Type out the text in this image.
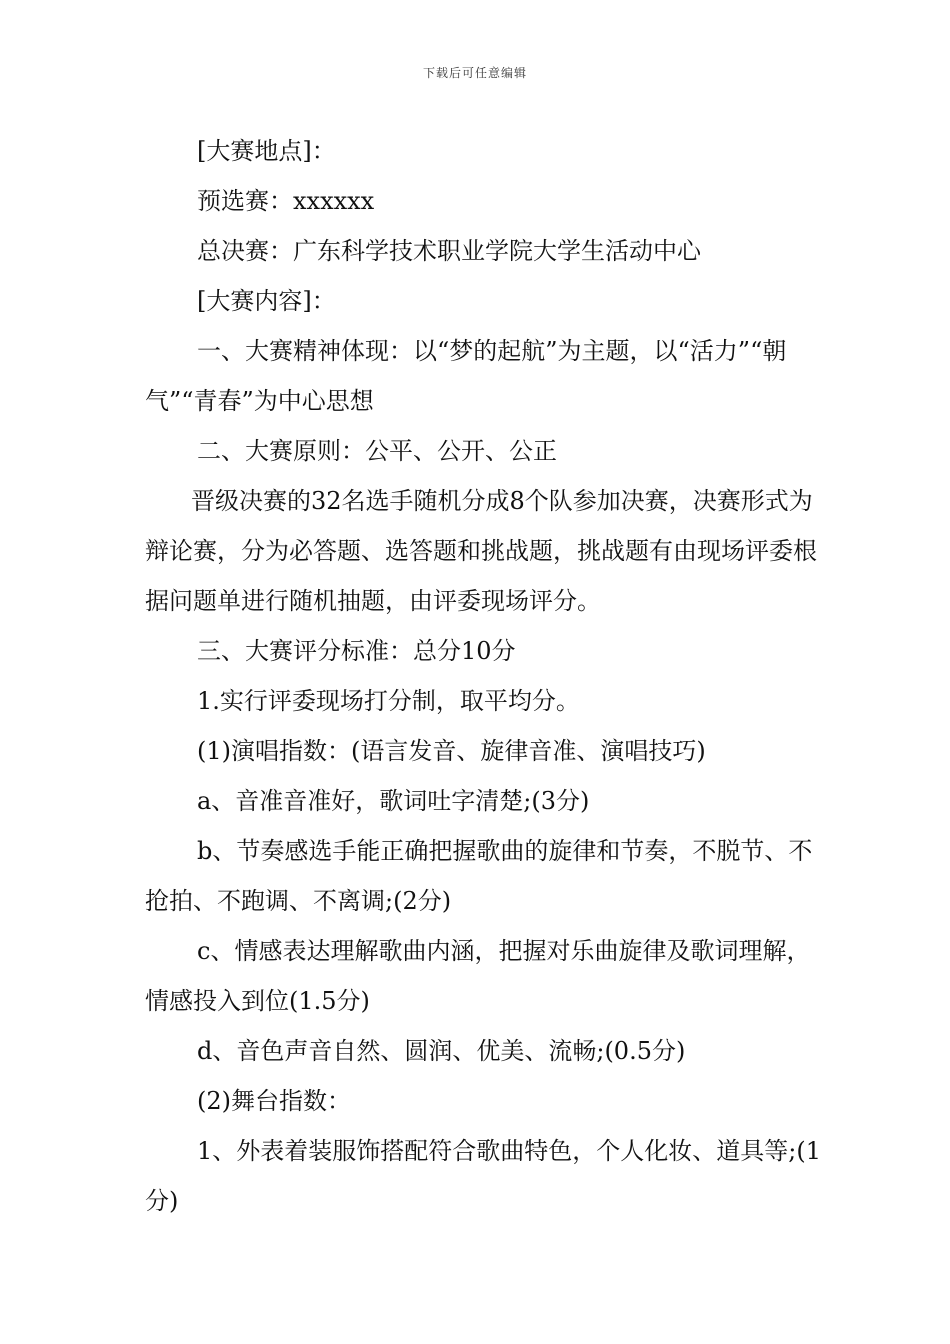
下载后可任意编辑

[大赛地点]：

预选赛：xxxxxx

总决赛：广东科学技术职业学院大学生活动中心

[大赛内容]：

一、大赛精神体现：以“梦的起航”为主题，以“活力”“朝气”“青春”为中心思想

二、大赛原则：公平、公开、公正

晋级决赛的32名选手随机分成8个队参加决赛，决赛形式为辩论赛，分为必答题、选答题和挑战题，挑战题有由现场评委根据问题单进行随机抽题，由评委现场评分。

三、大赛评分标准：总分10分

1.实行评委现场打分制，取平均分。

(1)演唱指数：(语言发音、旋律音准、演唱技巧)

a、音准音准好，歌词吐字清楚;(3分)

b、节奏感选手能正确把握歌曲的旋律和节奏，不脱节、不抢拍、不跑调、不离调;(2分)

c、情感表达理解歌曲内涵，把握对乐曲旋律及歌词理解，情感投入到位(1.5分)

d、音色声音自然、圆润、优美、流畅;(0.5分)

(2)舞台指数：

1、外表着装服饰搭配符合歌曲特色，个人化妆、道具等;(1分)
